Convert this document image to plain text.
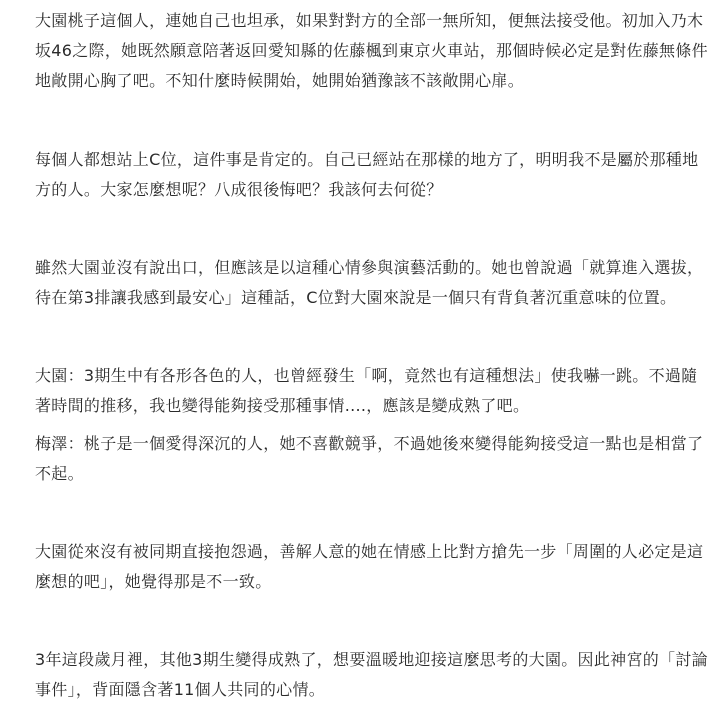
大園桃子這個人，連她自己也坦承，如果對對方的全部一無所知，便無法接受他。初加入乃木
坂46之際，她既然願意陪著返回愛知縣的佐藤楓到東京火車站，那個時候必定是對佐藤無條件
地敞開心胸了吧。不知什麼時候開始，她開始猶豫該不該敞開心扉。

每個人都想站上C位，這件事是肯定的。自己已經站在那樣的地方了，明明我不是屬於那種地
方的人。大家怎麼想呢？八成很後悔吧？我該何去何從？

雖然大園並沒有說出口，但應該是以這種心情參與演藝活動的。她也曾說過「就算進入選拔，
待在第3排讓我感到最安心」這種話，C位對大園來說是一個只有背負著沉重意味的位置。

大園：3期生中有各形各色的人，也曾經發生「啊，竟然也有這種想法」使我嚇一跳。不過隨
著時間的推移，我也變得能夠接受那種事情....，應該是變成熟了吧。

梅澤：桃子是一個愛得深沉的人，她不喜歡競爭，不過她後來變得能夠接受這一點也是相當了
不起。

大園從來沒有被同期直接抱怨過，善解人意的她在情感上比對方搶先一步「周圍的人必定是這
麼想的吧」，她覺得那是不一致。

3年這段歲月裡，其他3期生變得成熟了，想要溫暖地迎接這麼思考的大園。因此神宮的「討論
事件」，背面隱含著11個人共同的心情。
